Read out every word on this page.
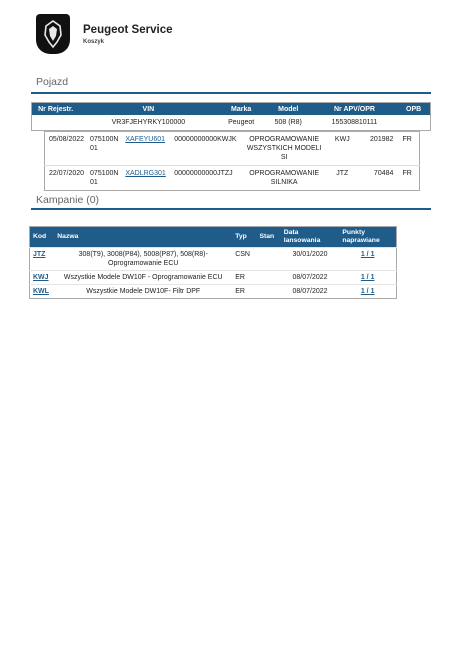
Peugeot Service
Koszyk
Pojazd
Nr Rejestr.	VIN	Marka	Model	Nr APV/OPR	OPB
	VR3FJEHYRKY100000	Peugeot	508 (R8)	155308810111	
05/08/2022	075100N 01	XAFEYU601	00000000000KWJK	OPROGRAMOWANIE WSZYSTKICH MODELI SI	KWJ	201982	FR
22/07/2020	075100N 01	XADLRG301	00000000000JTZJ	OPROGRAMOWANIE SILNIKA	JTZ	70484	FR
Kampanie (0)
Kod	Nazwa	Typ	Stan	Data lansowania	Punkty naprawiane
JTZ	308(T9), 3008(P84), 5008(P87), 508(R8)- Oprogramowanie ECU	CSN		30/01/2020	1 / 1
KWJ	Wszystkie Modele DW10F - Oprogramowanie ECU	ER		08/07/2022	1 / 1
KWL	Wszystkie Modele DW10F- Filtr DPF	ER		08/07/2022	1 / 1
